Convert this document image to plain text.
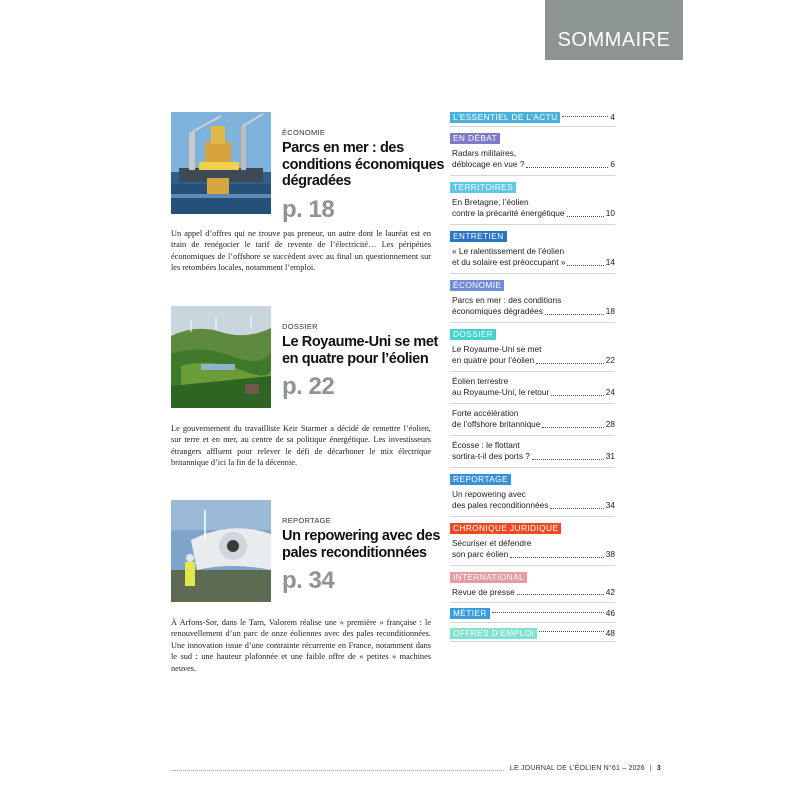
SOMMAIRE
ÉCONOMIE
Parcs en mer : des conditions économiques dégradées
p. 18
Un appel d’offres qui ne trouve pas preneur, un autre dont le lauréat est en train de renégocier le tarif de revente de l’électricité… Les péripéties économiques de l’offshore se succèdent avec au final un questionnement sur les retombées locales, notamment l’emploi.
DOSSIER
Le Royaume-Uni se met en quatre pour l’éolien
p. 22
Le gouvernement du travailliste Keir Starmer a décidé de remettre l’éolien, sur terre et en mer, au centre de sa politique énergétique. Les investisseurs étrangers affluent pour relever le défi de décarboner le mix électrique britannique d’ici la fin de la décennie.
REPORTAGE
Un repowering avec des pales reconditionnées
p. 34
À Arfons-Sor, dans le Tarn, Valorem réalise une « première » française : le renouvellement d’un parc de onze éoliennes avec des pales reconditionnées. Une innovation issue d’une contrainte récurrente en France, notamment dans le sud : une hauteur plafonnée et une faible offre de « petites » machines neuves.
L’ESSENTIEL DE L’ACTU	4
EN DÉBAT
Radars militaires,
déblocage en vue ?	6
TERRITOIRES
En Bretagne, l’éolien
contre la précarité énergétique	10
ENTRETIEN
« Le ralentissement de l’éolien
et du solaire est préoccupant »	14
ÉCONOMIE
Parcs en mer : des conditions
économiques dégradées	18
DOSSIER
Le Royaume-Uni se met
en quatre pour l’éolien	22
Éolien terrestre
au Royaume-Uni, le retour	24
Forte accélération
de l’offshore britannique	28
Écosse : le flottant
sortira-t-il des ports ?	31
REPORTAGE
Un repowering avec
des pales reconditionnées	34
CHRONIQUE JURIDIQUE
Sécuriser et défendre
son parc éolien	38
INTERNATIONAL
Revue de presse	42
MÉTIER	46
OFFRES D’EMPLOI	48
LE JOURNAL DE L’ÉOLIEN N°61 – 2026 | 3
